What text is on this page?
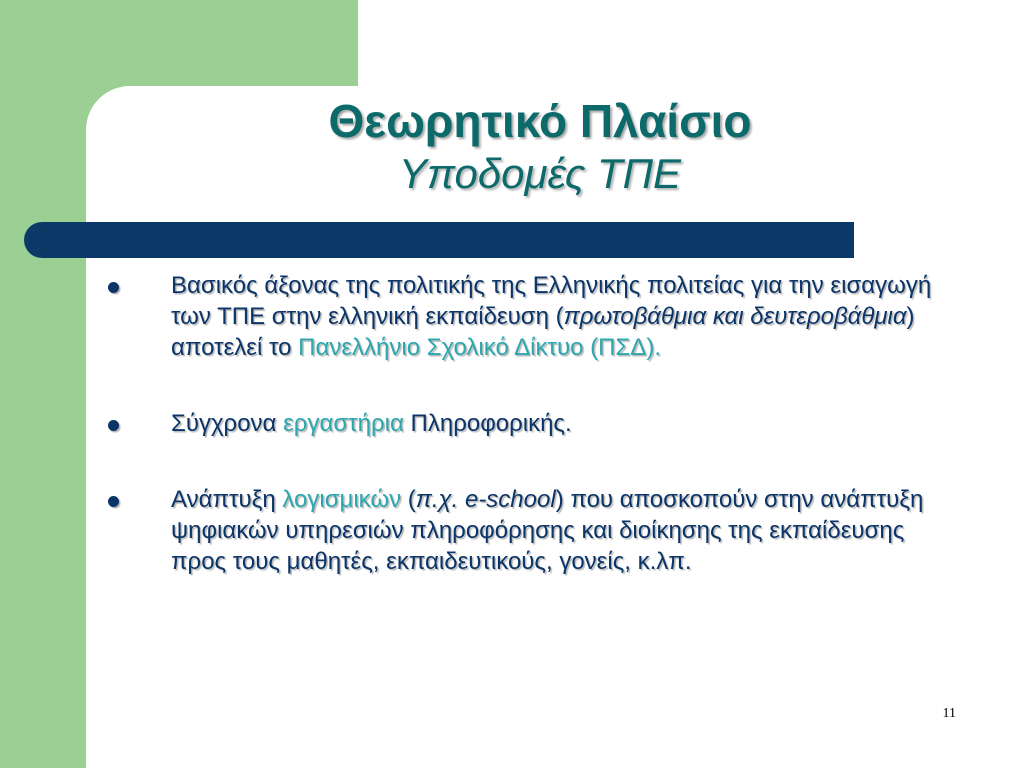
Θεωρητικό Πλαίσιο
Υποδομές ΤΠΕ
Βασικός άξονας της πολιτικής της Ελληνικής πολιτείας για την εισαγωγή των ΤΠΕ στην ελληνική εκπαίδευση (πρωτοβάθμια και δευτεροβάθμια) αποτελεί το Πανελλήνιο Σχολικό Δίκτυο (ΠΣΔ).
Σύγχρονα εργαστήρια Πληροφορικής.
Ανάπτυξη λογισμικών (π.χ. e-school) που αποσκοπούν στην ανάπτυξη ψηφιακών υπηρεσιών πληροφόρησης και διοίκησης της εκπαίδευσης προς τους μαθητές, εκπαιδευτικούς, γονείς, κ.λπ.
11
